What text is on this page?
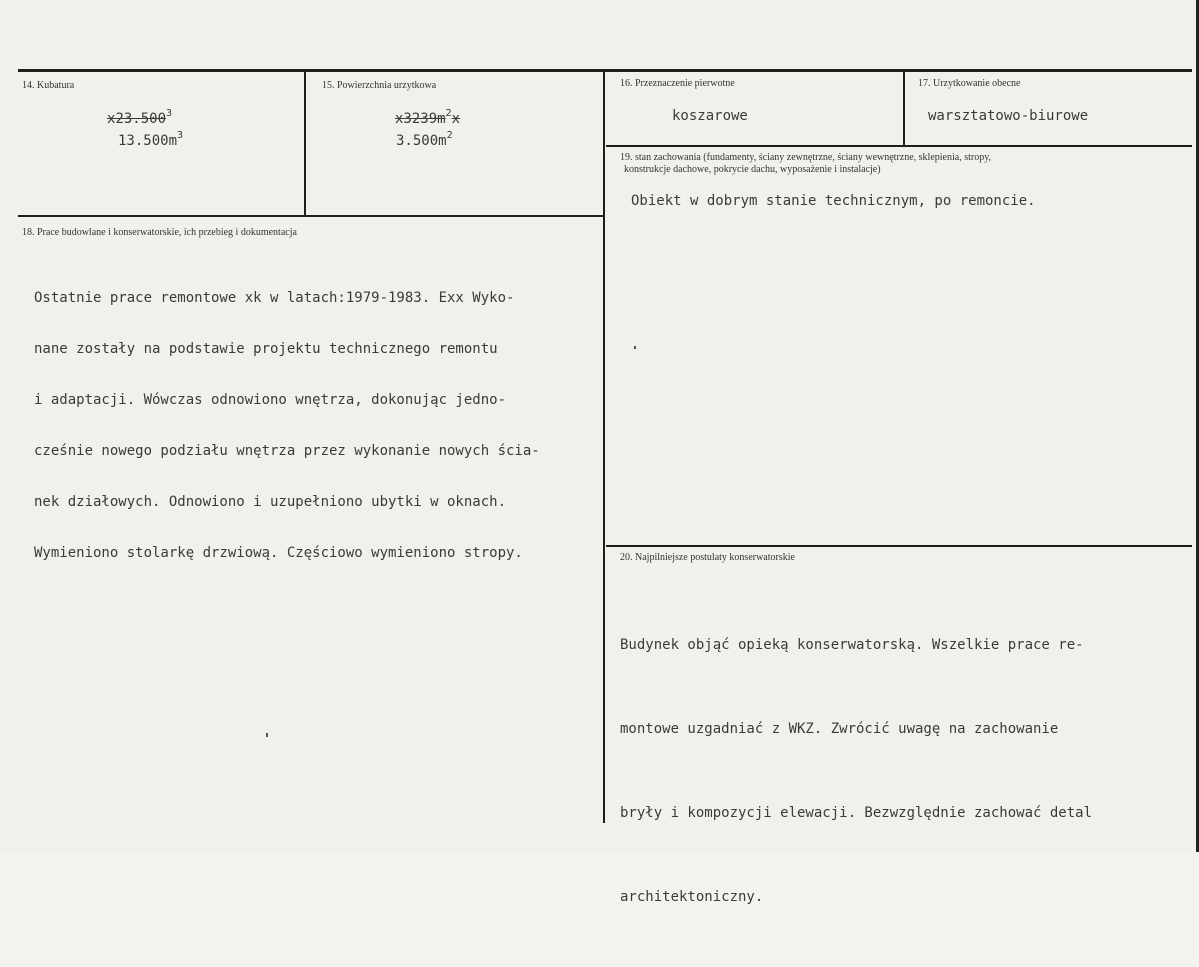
14. Kubatura
x23.500$^3$
$13.500m^3$
15. Powierzchnia urzytkowa
$x3239m^2x$
$3.500m^2$
16. Przeznaczenie pierwotne
koszarowe
17. Urzytkowanie obecne
warsztatowo-biurowe
18. Prace budowlane i konserwatorskie, ich przebieg i dokumentacja

Ostatnie prace remontowe xk w latach:1979-1983. Exx Wyko-

nane zostały na podstawie projektu technicznego remontu

i adaptacji. Wówczas odnowiono wnętrza, dokonując jedno-

cześnie nowego podziału wnętrza przez wykonanie nowych ścia-

nek działowych. Odnowiono i uzupełniono ubytki w oknach.

Wymieniono stolarkę drzwiową. Częściowo wymieniono stropy.

19. stan zachowania (fundamenty, ściany zewnętrzne, ściany wewnętrzne, sklepienia, stropy,
konstrukcje dachowe, pokrycie dachu, wyposażenie i instalacje)
Obiekt w dobrym stanie technicznym, po remoncie.
20. Najpilniejsze postulaty konserwatorskie

Budynek objąć opieką konserwatorską. Wszelkie prace re-

montowe uzgadniać z WKZ. Zwrócić uwagę na zachowanie

bryły i kompozycji elewacji. Bezwzględnie zachować detal

architektoniczny.
